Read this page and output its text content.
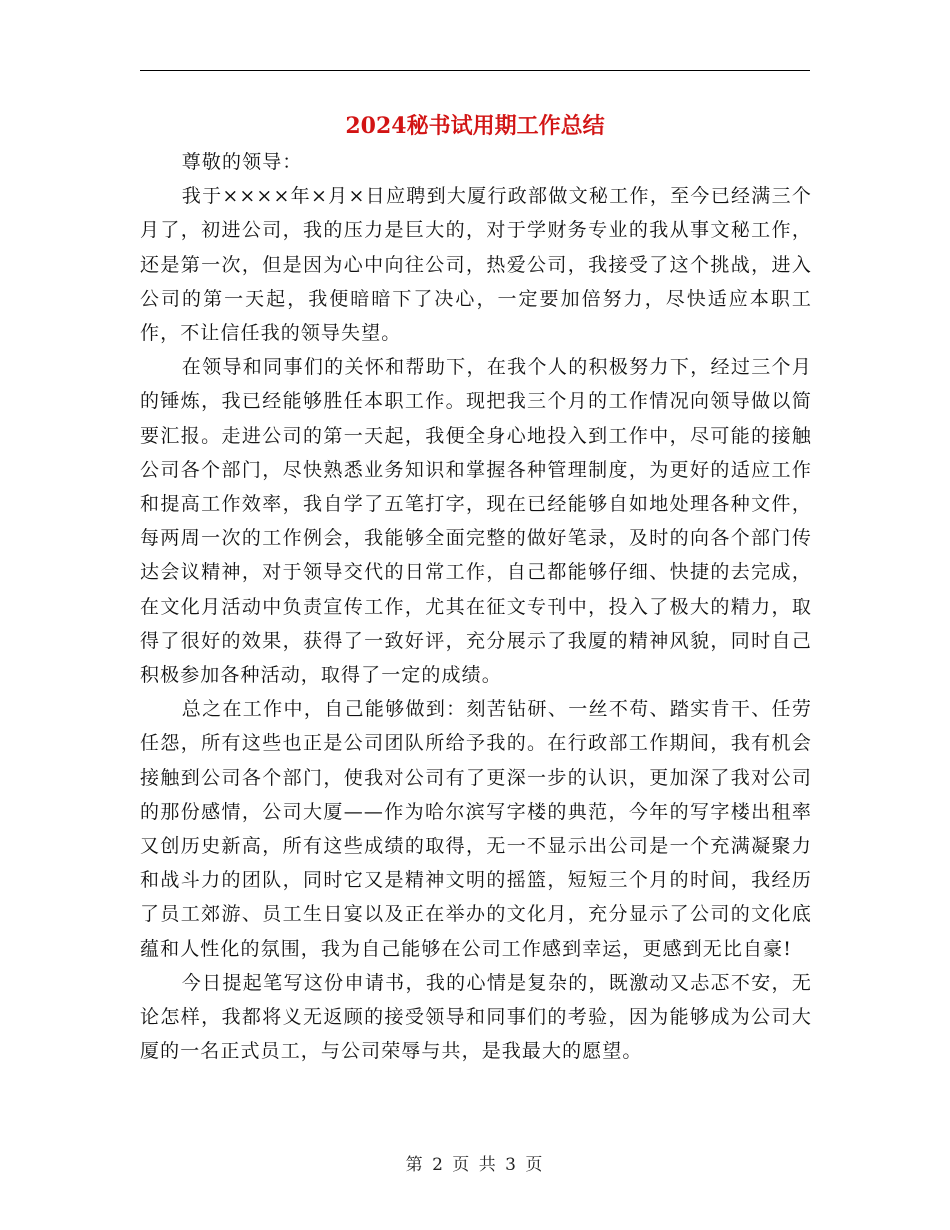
2024秘书试用期工作总结

尊敬的领导：

我于××××年×月×日应聘到大厦行政部做文秘工作，至今已经满三个月了，初进公司，我的压力是巨大的，对于学财务专业的我从事文秘工作，还是第一次，但是因为心中向往公司，热爱公司，我接受了这个挑战，进入公司的第一天起，我便暗暗下了决心，一定要加倍努力，尽快适应本职工作，不让信任我的领导失望。

在领导和同事们的关怀和帮助下，在我个人的积极努力下，经过三个月的锤炼，我已经能够胜任本职工作。现把我三个月的工作情况向领导做以简要汇报。走进公司的第一天起，我便全身心地投入到工作中，尽可能的接触公司各个部门，尽快熟悉业务知识和掌握各种管理制度，为更好的适应工作和提高工作效率，我自学了五笔打字，现在已经能够自如地处理各种文件，每两周一次的工作例会，我能够全面完整的做好笔录，及时的向各个部门传达会议精神，对于领导交代的日常工作，自己都能够仔细、快捷的去完成，在文化月活动中负责宣传工作，尤其在征文专刊中，投入了极大的精力，取得了很好的效果，获得了一致好评，充分展示了我厦的精神风貌，同时自己积极参加各种活动，取得了一定的成绩。

总之在工作中，自己能够做到：刻苦钻研、一丝不苟、踏实肯干、任劳任怨，所有这些也正是公司团队所给予我的。在行政部工作期间，我有机会接触到公司各个部门，使我对公司有了更深一步的认识，更加深了我对公司的那份感情，公司大厦——作为哈尔滨写字楼的典范，今年的写字楼出租率又创历史新高，所有这些成绩的取得，无一不显示出公司是一个充满凝聚力和战斗力的团队，同时它又是精神文明的摇篮，短短三个月的时间，我经历了员工郊游、员工生日宴以及正在举办的文化月，充分显示了公司的文化底蕴和人性化的氛围，我为自己能够在公司工作感到幸运，更感到无比自豪!

今日提起笔写这份申请书，我的心情是复杂的，既激动又忐忑不安，无论怎样，我都将义无返顾的接受领导和同事们的考验，因为能够成为公司大厦的一名正式员工，与公司荣辱与共，是我最大的愿望。

第 2 页 共 3 页
